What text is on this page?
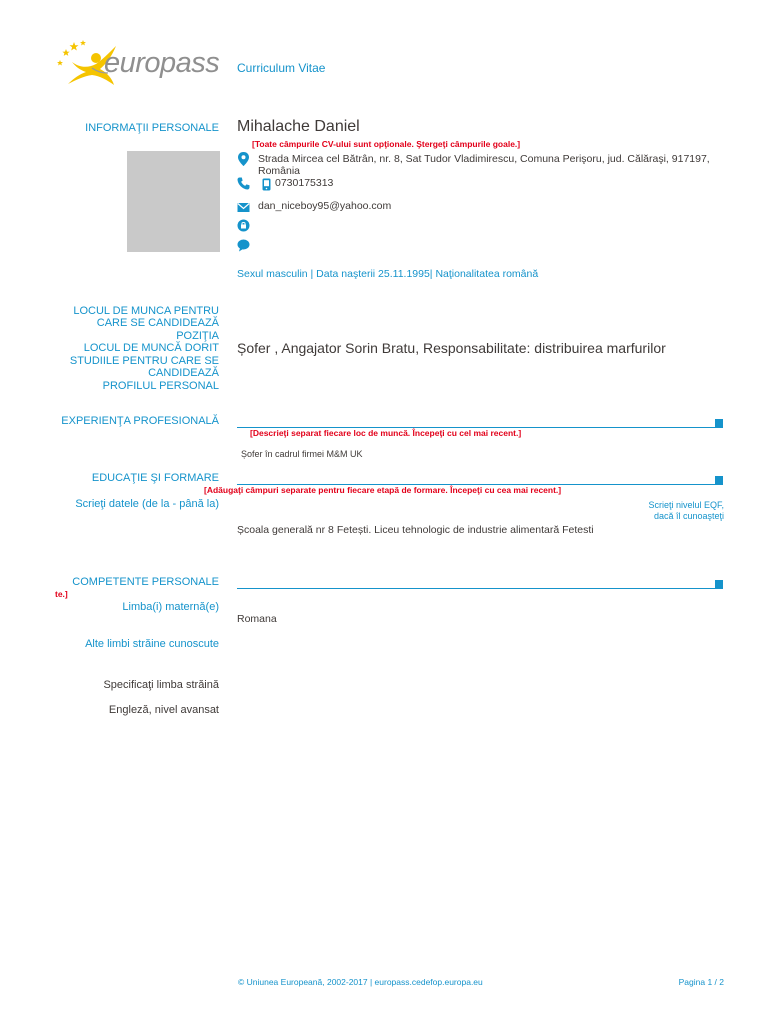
europass Curriculum Vitae
INFORMAŢII PERSONALE Mihalache Daniel
[Toate câmpurile CV-ului sunt opţionale. Ştergeţi câmpurile goale.]
Strada Mircea cel Bătrân, nr. 8, Sat Tudor Vladimirescu, Comuna Perişoru, jud. Călăraşi, 917197,
România
0730175313
dan_niceboy95@yahoo.com
Sexul masculin | Data naşterii 25.11.1995| Naţionalitatea română
LOCUL DE MUNCA PENTRU
CARE SE CANDIDEAZĂ
POZIŢIA
LOCUL DE MUNCĂ DORIT
STUDIILE PENTRU CARE SE
CANDIDEAZĂ
PROFILUL PERSONAL
Șofer , Angajator Sorin Bratu, Responsabilitate: distribuirea marfurilor
EXPERIENŢA PROFESIONALĂ
[Descrieţi separat fiecare loc de muncă. Începeţi cu cel mai recent.]
Șofer în cadrul firmei M&M UK
EDUCAŢIE ŞI FORMARE
[Adăugaţi câmpuri separate pentru fiecare etapă de formare. Începeţi cu cea mai recent.]
Scrieţi datele (de la - până la)	Scrieţi nivelul EQF,
dacă îl cunoaşteţi
Școala generală nr 8 Fetești. Liceu tehnologic de industrie alimentară Fetesti
COMPETENTE PERSONALE
te.]
Limba(i) maternă(e)
Romana
Alte limbi străine cunoscute
Specificaţi limba străină
Engleză, nivel avansat
© Uniunea Europeană, 2002-2017 | europass.cedefop.europa.eu	Pagina 1 / 2
